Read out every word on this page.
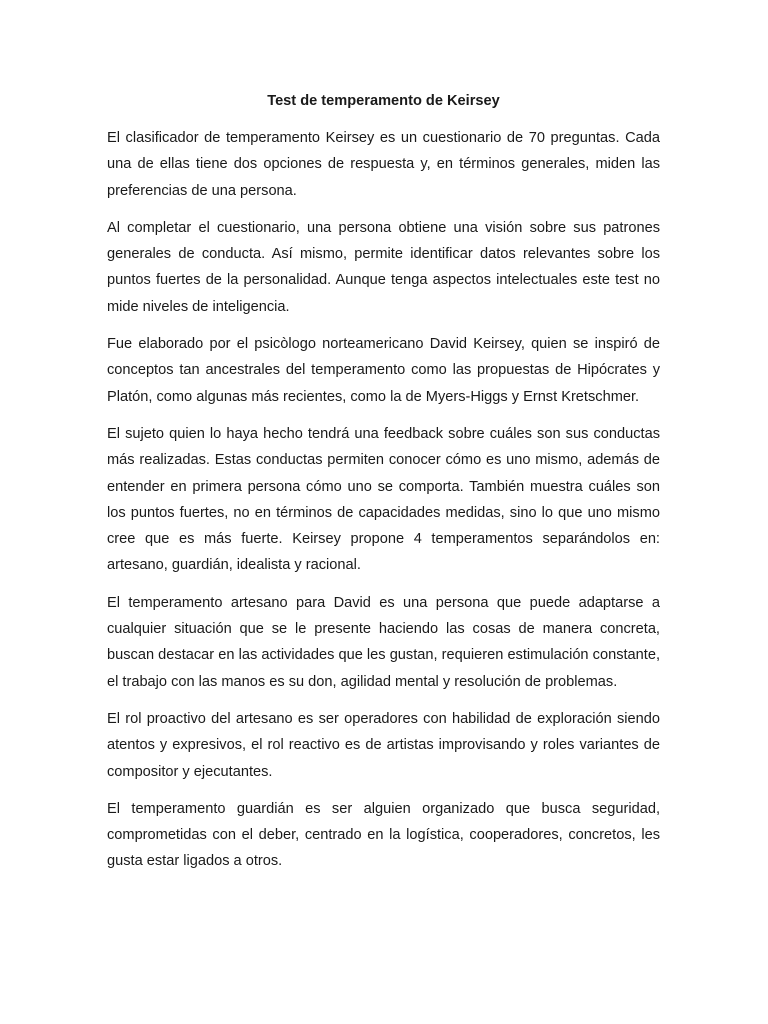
Test de temperamento de Keirsey

El clasificador de temperamento Keirsey es un cuestionario de 70 preguntas. Cada una de ellas tiene dos opciones de respuesta y, en términos generales, miden las preferencias de una persona.

Al completar el cuestionario, una persona obtiene una visión sobre sus patrones generales de conducta. Así mismo, permite identificar datos relevantes sobre los puntos fuertes de la personalidad. Aunque tenga aspectos intelectuales este test no mide niveles de inteligencia.

Fue elaborado por el psicòlogo norteamericano David Keirsey, quien se inspiró de conceptos tan ancestrales del temperamento como las propuestas de Hipócrates y Platón, como algunas más recientes, como la de Myers-Higgs y Ernst Kretschmer.

El sujeto quien lo haya hecho tendrá una feedback sobre cuáles son sus conductas más realizadas. Estas conductas permiten conocer cómo es uno mismo, además de entender en primera persona cómo uno se comporta. También muestra cuáles son los puntos fuertes, no en términos de capacidades medidas, sino lo que uno mismo cree que es más fuerte. Keirsey propone 4 temperamentos separándolos en: artesano, guardián, idealista y racional.

El temperamento artesano para David es una persona que puede adaptarse a cualquier situación que se le presente haciendo las cosas de manera concreta, buscan destacar en las actividades que les gustan, requieren estimulación constante, el trabajo con las manos es su don, agilidad mental y resolución de problemas.

El rol proactivo del artesano es ser operadores con habilidad de exploración siendo atentos y expresivos, el rol reactivo es de artistas improvisando y roles variantes de compositor y ejecutantes.

El temperamento guardián es ser alguien organizado que busca seguridad, comprometidas con el deber, centrado en la logística, cooperadores, concretos, les gusta estar ligados a otros.
